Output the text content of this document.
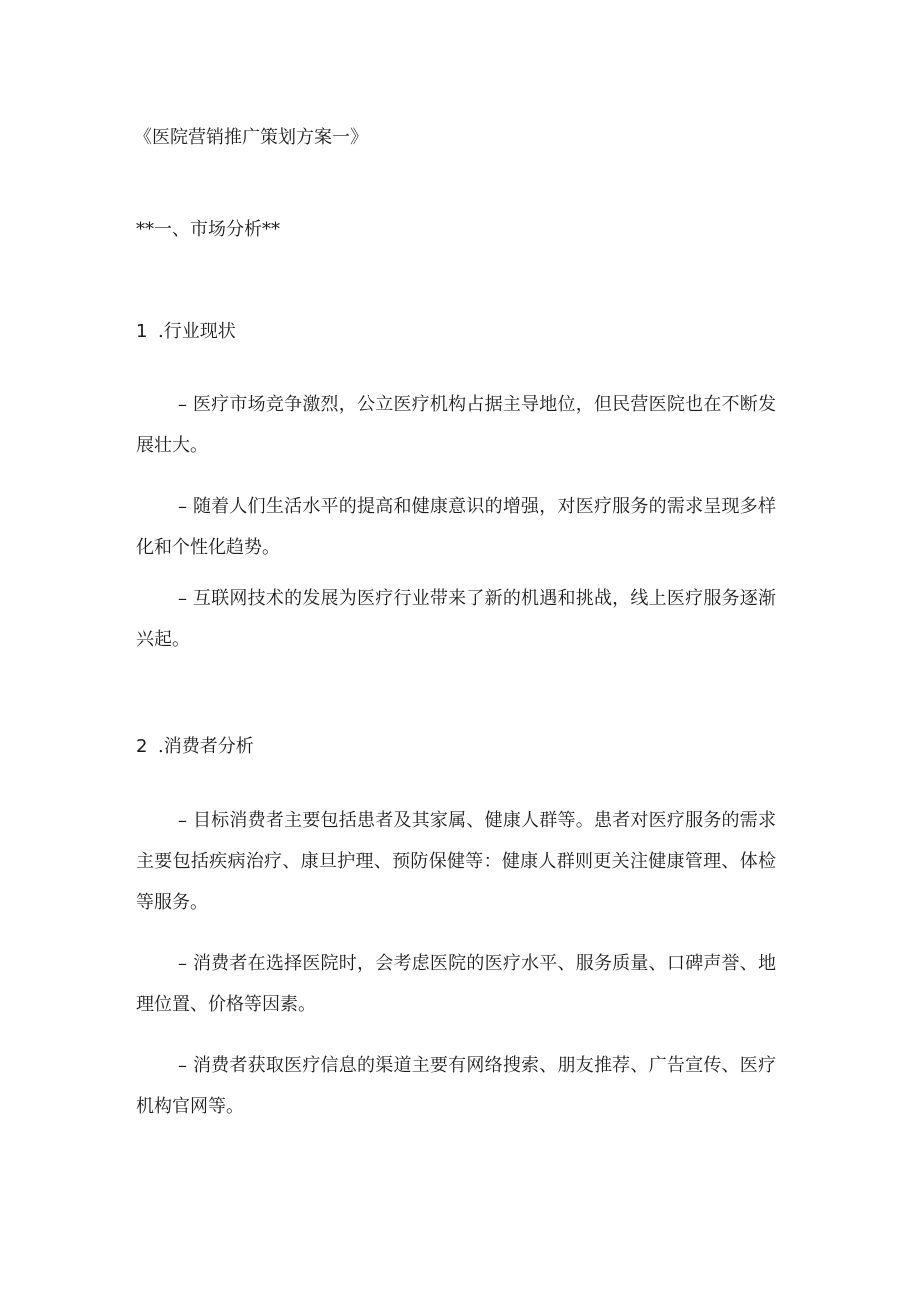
《医院营销推广策划方案一》

**一、市场分析**

1 .行业现状

– 医疗市场竞争激烈，公立医疗机构占据主导地位，但民营医院也在不断发展壮大。

– 随着人们生活水平的提高和健康意识的增强，对医疗服务的需求呈现多样化和个性化趋势。

– 互联网技术的发展为医疗行业带来了新的机遇和挑战，线上医疗服务逐渐兴起。

2 .消费者分析

– 目标消费者主要包括患者及其家属、健康人群等。患者对医疗服务的需求主要包括疾病治疗、康旦护理、预防保健等：健康人群则更关注健康管理、体检等服务。

– 消费者在选择医院时，会考虑医院的医疗水平、服务质量、口碑声誉、地理位置、价格等因素。

– 消费者获取医疗信息的渠道主要有网络搜索、朋友推荐、广告宣传、医疗机构官网等。
